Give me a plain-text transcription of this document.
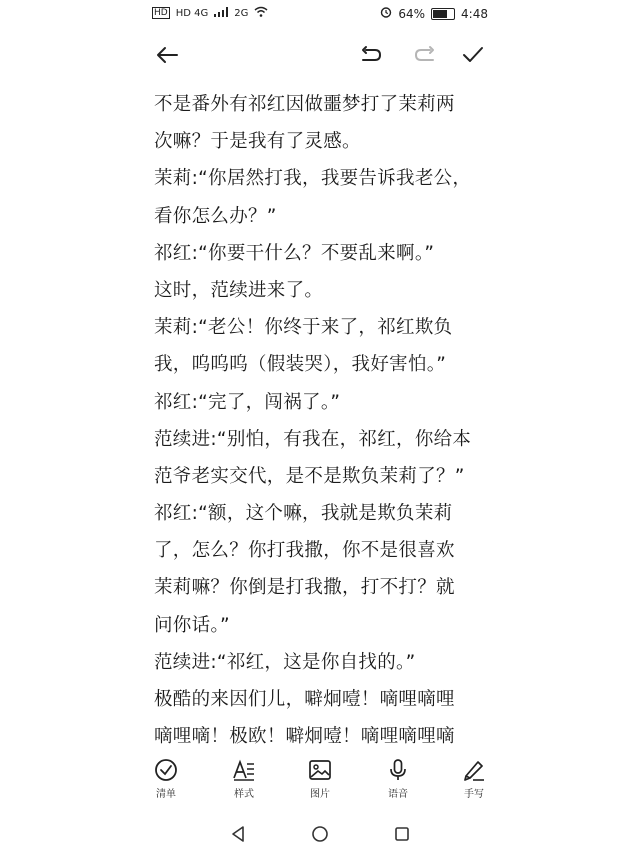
HD HD 4G	2G	64%	4:48
不是番外有祁红因做噩梦打了茉莉两
次嘛？于是我有了灵感。
茉莉:“你居然打我，我要告诉我老公，
看你怎么办？”
祁红:“你要干什么？不要乱来啊。”
这时，范续进来了。
茉莉:“老公！你终于来了，祁红欺负
我，呜呜呜（假装哭），我好害怕。”
祁红:“完了，闯祸了。”
范续进:“别怕，有我在，祁红，你给本
范爷老实交代，是不是欺负茉莉了？”
祁红:“额，这个嘛，我就是欺负茉莉
了，怎么？你打我撒，你不是很喜欢
茉莉嘛？你倒是打我撒，打不打？就
问你话。”
范续进:“祁红，这是你自找的。”
极酷的来因们儿，噼炯噎！嘀哩嘀哩
嘀哩嘀！极欧！噼炯噎！嘀哩嘀哩嘀
清单	样式	图片	语音	手写
